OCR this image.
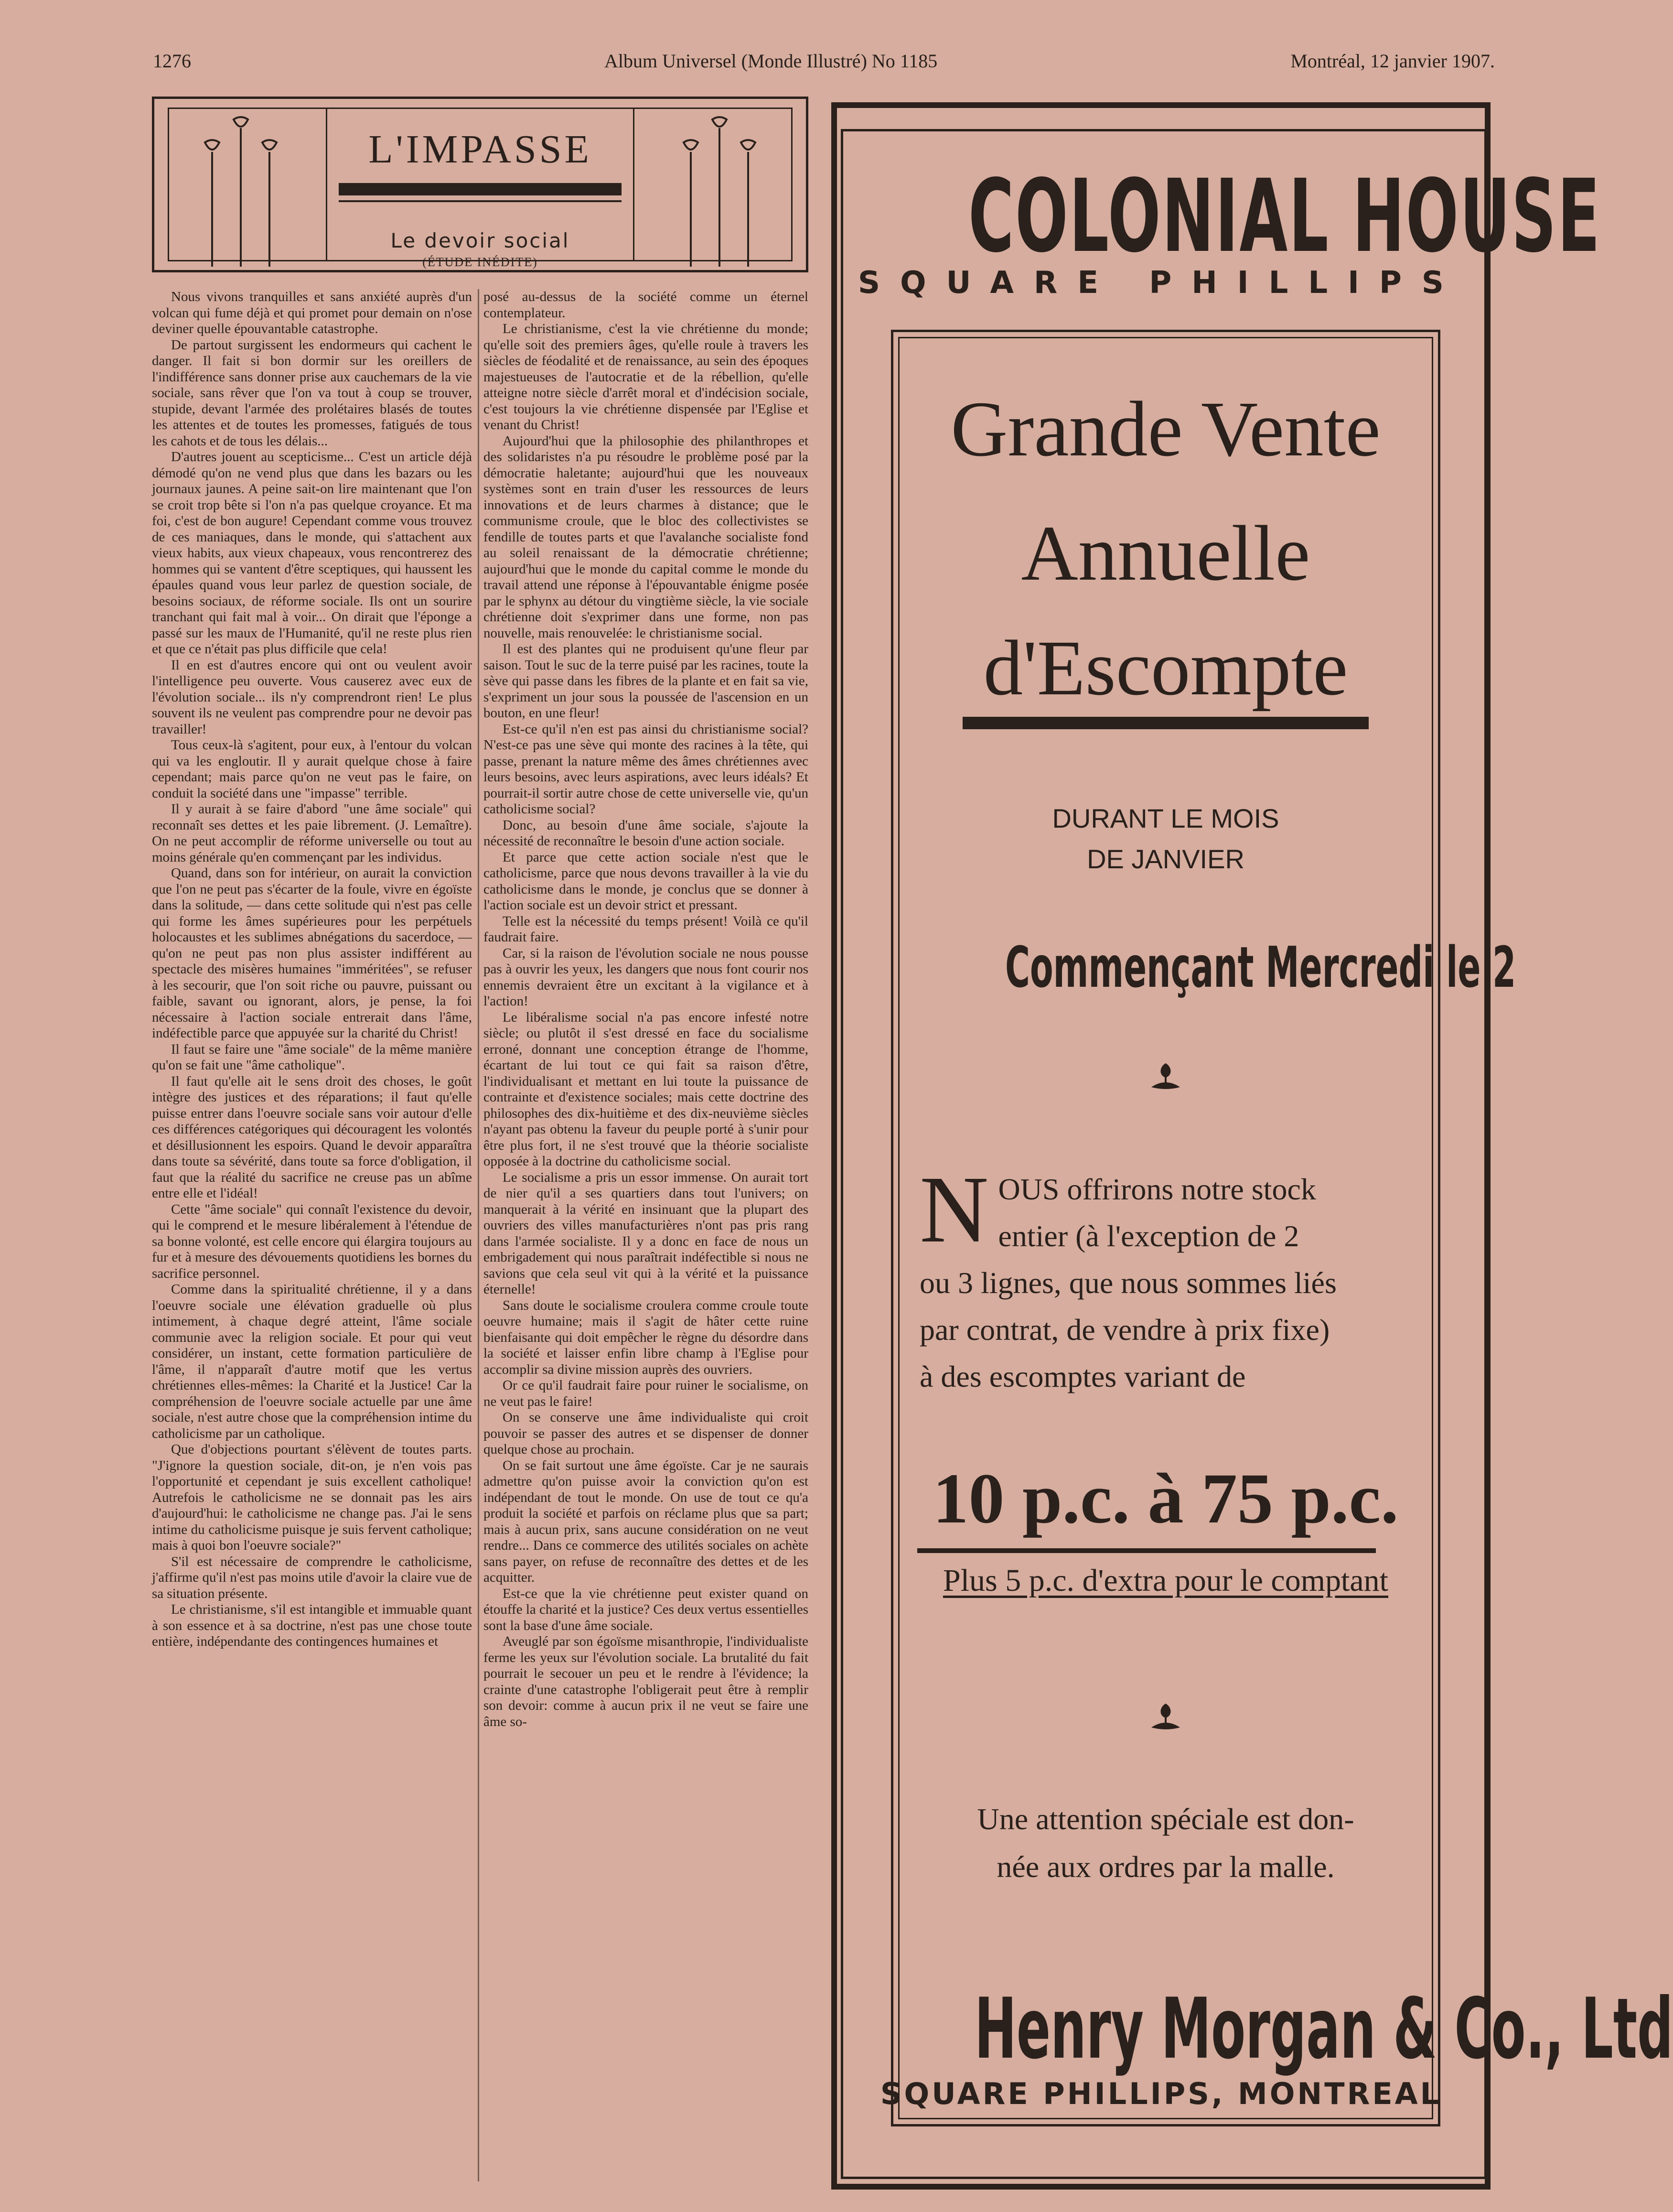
1276	Album Universel (Monde Illustré) No 1185	Montréal, 12 janvier 1907.
L'IMPASSE
Le devoir social
(ÉTUDE INÉDITE)

Nous vivons tranquilles et sans anxiété auprès d'un volcan qui fume déjà et qui promet pour demain on n'ose deviner quelle épouvantable catastrophe.

De partout surgissent les endormeurs qui cachent le danger. Il fait si bon dormir sur les oreillers de l'indifférence sans donner prise aux cauchemars de la vie sociale, sans rêver que l'on va tout à coup se trouver, stupide, devant l'armée des prolétaires blasés de toutes les attentes et de toutes les promesses, fatigués de tous les cahots et de tous les délais...

D'autres jouent au scepticisme... C'est un article déjà démodé qu'on ne vend plus que dans les bazars ou les journaux jaunes. A peine sait-on lire maintenant que l'on se croit trop bête si l'on n'a pas quelque croyance. Et ma foi, c'est de bon augure! Cependant comme vous trouvez de ces maniaques, dans le monde, qui s'attachent aux vieux habits, aux vieux chapeaux, vous rencontrerez des hommes qui se vantent d'être sceptiques, qui haussent les épaules quand vous leur parlez de question sociale, de besoins sociaux, de réforme sociale. Ils ont un sourire tranchant qui fait mal à voir... On dirait que l'éponge a passé sur les maux de l'Humanité, qu'il ne reste plus rien et que ce n'était pas plus difficile que cela!

Il en est d'autres encore qui ont ou veulent avoir l'intelligence peu ouverte. Vous causerez avec eux de l'évolution sociale... ils n'y comprendront rien! Le plus souvent ils ne veulent pas comprendre pour ne devoir pas travailler!

Tous ceux-là s'agitent, pour eux, à l'entour du volcan qui va les engloutir. Il y aurait quelque chose à faire cependant; mais parce qu'on ne veut pas le faire, on conduit la société dans une "impasse" terrible.

Il y aurait à se faire d'abord "une âme sociale" qui reconnaît ses dettes et les paie librement. (J. Lemaître). On ne peut accomplir de réforme universelle ou tout au moins générale qu'en commençant par les individus.

Quand, dans son for intérieur, on aurait la conviction que l'on ne peut pas s'écarter de la foule, vivre en égoïste dans la solitude, — dans cette solitude qui n'est pas celle qui forme les âmes supérieures pour les perpétuels holocaustes et les sublimes abnégations du sacerdoce, — qu'on ne peut pas non plus assister indifférent au spectacle des misères humaines "imméritées", se refuser à les secourir, que l'on soit riche ou pauvre, puissant ou faible, savant ou ignorant, alors, je pense, la foi nécessaire à l'action sociale entrerait dans l'âme, indéfectible parce que appuyée sur la charité du Christ!

Il faut se faire une "âme sociale" de la même manière qu'on se fait une "âme catholique".

Il faut qu'elle ait le sens droit des choses, le goût intègre des justices et des réparations; il faut qu'elle puisse entrer dans l'oeuvre sociale sans voir autour d'elle ces différences catégoriques qui découragent les volontés et désillusionnent les espoirs. Quand le devoir apparaîtra dans toute sa sévérité, dans toute sa force d'obligation, il faut que la réalité du sacrifice ne creuse pas un abîme entre elle et l'idéal!

Cette "âme sociale" qui connaît l'existence du devoir, qui le comprend et le mesure libéralement à l'étendue de sa bonne volonté, est celle encore qui élargira toujours au fur et à mesure des dévouements quotidiens les bornes du sacrifice personnel.

Comme dans la spiritualité chrétienne, il y a dans l'oeuvre sociale une élévation graduelle où plus intimement, à chaque degré atteint, l'âme sociale communie avec la religion sociale. Et pour qui veut considérer, un instant, cette formation particulière de l'âme, il n'apparaît d'autre motif que les vertus chrétiennes elles-mêmes: la Charité et la Justice! Car la compréhension de l'oeuvre sociale actuelle par une âme sociale, n'est autre chose que la compréhension intime du catholicisme par un catholique.

Que d'objections pourtant s'élèvent de toutes parts. "J'ignore la question sociale, dit-on, je n'en vois pas l'opportunité et cependant je suis excellent catholique! Autrefois le catholicisme ne se donnait pas les airs d'aujourd'hui: le catholicisme ne change pas. J'ai le sens intime du catholicisme puisque je suis fervent catholique; mais à quoi bon l'oeuvre sociale?"

S'il est nécessaire de comprendre le catholicisme, j'affirme qu'il n'est pas moins utile d'avoir la claire vue de sa situation présente.

Le christianisme, s'il est intangible et immuable quant à son essence et à sa doctrine, n'est pas une chose toute entière, indépendante des contingences humaines et

posé au-dessus de la société comme un éternel contemplateur.

Le christianisme, c'est la vie chrétienne du monde; qu'elle soit des premiers âges, qu'elle roule à travers les siècles de féodalité et de renaissance, au sein des époques majestueuses de l'autocratie et de la rébellion, qu'elle atteigne notre siècle d'arrêt moral et d'indécision sociale, c'est toujours la vie chrétienne dispensée par l'Eglise et venant du Christ!

Aujourd'hui que la philosophie des philanthropes et des solidaristes n'a pu résoudre le problème posé par la démocratie haletante; aujourd'hui que les nouveaux systèmes sont en train d'user les ressources de leurs innovations et de leurs charmes à distance; que le communisme croule, que le bloc des collectivistes se fendille de toutes parts et que l'avalanche socialiste fond au soleil renaissant de la démocratie chrétienne; aujourd'hui que le monde du capital comme le monde du travail attend une réponse à l'épouvantable énigme posée par le sphynx au détour du vingtième siècle, la vie sociale chrétienne doit s'exprimer dans une forme, non pas nouvelle, mais renouvelée: le christianisme social.

Il est des plantes qui ne produisent qu'une fleur par saison. Tout le suc de la terre puisé par les racines, toute la sève qui passe dans les fibres de la plante et en fait sa vie, s'expriment un jour sous la poussée de l'ascension en un bouton, en une fleur!

Est-ce qu'il n'en est pas ainsi du christianisme social? N'est-ce pas une sève qui monte des racines à la tête, qui passe, prenant la nature même des âmes chrétiennes avec leurs besoins, avec leurs aspirations, avec leurs idéals? Et pourrait-il sortir autre chose de cette universelle vie, qu'un catholicisme social?

Donc, au besoin d'une âme sociale, s'ajoute la nécessité de reconnaître le besoin d'une action sociale.

Et parce que cette action sociale n'est que le catholicisme, parce que nous devons travailler à la vie du catholicisme dans le monde, je conclus que se donner à l'action sociale est un devoir strict et pressant.

Telle est la nécessité du temps présent! Voilà ce qu'il faudrait faire.

Car, si la raison de l'évolution sociale ne nous pousse pas à ouvrir les yeux, les dangers que nous font courir nos ennemis devraient être un excitant à la vigilance et à l'action!

Le libéralisme social n'a pas encore infesté notre siècle; ou plutôt il s'est dressé en face du socialisme erroné, donnant une conception étrange de l'homme, écartant de lui tout ce qui fait sa raison d'être, l'individualisant et mettant en lui toute la puissance de contrainte et d'existence sociales; mais cette doctrine des philosophes des dix-huitième et des dix-neuvième siècles n'ayant pas obtenu la faveur du peuple porté à s'unir pour être plus fort, il ne s'est trouvé que la théorie socialiste opposée à la doctrine du catholicisme social.

Le socialisme a pris un essor immense. On aurait tort de nier qu'il a ses quartiers dans tout l'univers; on manquerait à la vérité en insinuant que la plupart des ouvriers des villes manufacturières n'ont pas pris rang dans l'armée socialiste. Il y a donc en face de nous un embrigadement qui nous paraîtrait indéfectible si nous ne savions que cela seul vit qui à la vérité et la puissance éternelle!

Sans doute le socialisme croulera comme croule toute oeuvre humaine; mais il s'agit de hâter cette ruine bienfaisante qui doit empêcher le règne du désordre dans la société et laisser enfin libre champ à l'Eglise pour accomplir sa divine mission auprès des ouvriers.

Or ce qu'il faudrait faire pour ruiner le socialisme, on ne veut pas le faire!

On se conserve une âme individualiste qui croit pouvoir se passer des autres et se dispenser de donner quelque chose au prochain.

On se fait surtout une âme égoïste. Car je ne saurais admettre qu'on puisse avoir la conviction qu'on est indépendant de tout le monde. On use de tout ce qu'a produit la société et parfois on réclame plus que sa part; mais à aucun prix, sans aucune considération on ne veut rendre... Dans ce commerce des utilités sociales on achète sans payer, on refuse de reconnaître des dettes et de les acquitter.

Est-ce que la vie chrétienne peut exister quand on étouffe la charité et la justice? Ces deux vertus essentielles sont la base d'une âme sociale.

Aveuglé par son égoïsme misanthropie, l'individualiste ferme les yeux sur l'évolution sociale. La brutalité du fait pourrait le secouer un peu et le rendre à l'évidence; la crainte d'une catastrophe l'obligerait peut être à remplir son devoir: comme à aucun prix il ne veut se faire une âme so-

COLONIAL HOUSE
SQUARE PHILLIPS
Grande Vente
Annuelle
d'Escompte
DURANT LE MOIS
DE JANVIER
Commençant Mercredi le 2
N OUS offrirons notre stock
entier (à l'exception de 2
ou 3 lignes, que nous sommes liés
par contrat, de vendre à prix fixe)
à des escomptes variant de
10 p.c. à 75 p.c.
Plus 5 p.c. d'extra pour le comptant
Une attention spéciale est don-
née aux ordres par la malle.
Henry Morgan & Co., Ltd
SQUARE PHILLIPS, MONTREAL
